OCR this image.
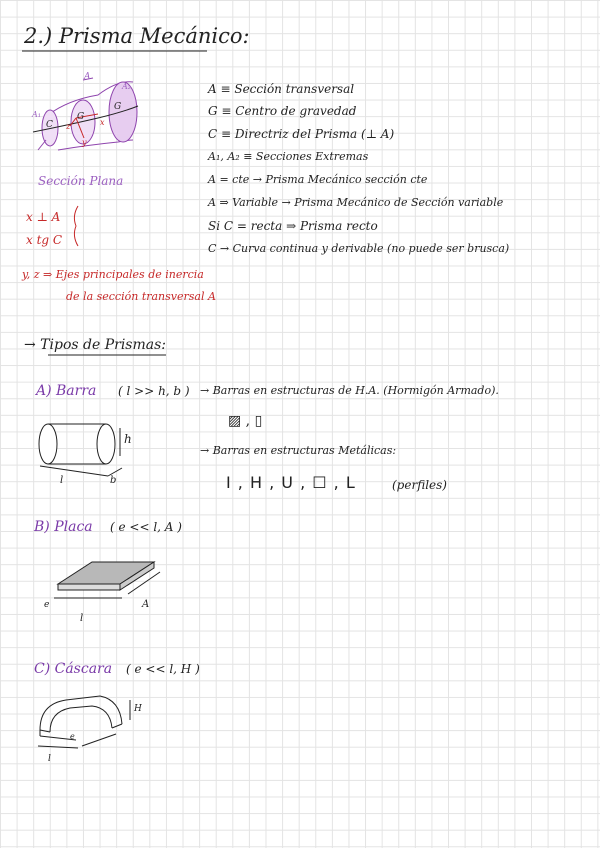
2.) Prisma Mecánico:
A
A₂
A₁	G
G
C z
y
x
Sección Plana
A ≡ Sección transversal
G ≡ Centro de gravedad
C ≡ Directriz del Prisma (⊥ A)
A₁, A₂ ≡ Secciones Extremas
A = cte → Prisma Mecánico sección cte
A ⇒ Variable → Prisma Mecánico de Sección variable
Si C = recta ⇒ Prisma recto
C → Curva continua y derivable (no puede ser brusca)
x ⊥ A
x tg C
y, z ⇒ Ejes principales de inercia
de la sección transversal A
→ Tipos de Prismas:
A) Barra ( l >> h, b ) → Barras en estructuras de H.A. (Hormigón Armado).
▨ , ▯
→ Barras en estructuras Metálicas:
I , H , U , ☐ , L	(perfiles)
h
l	b
B) Placa ( e << l, A )
e
l
A
C) Cáscara ( e << l, H )
e
l
H
